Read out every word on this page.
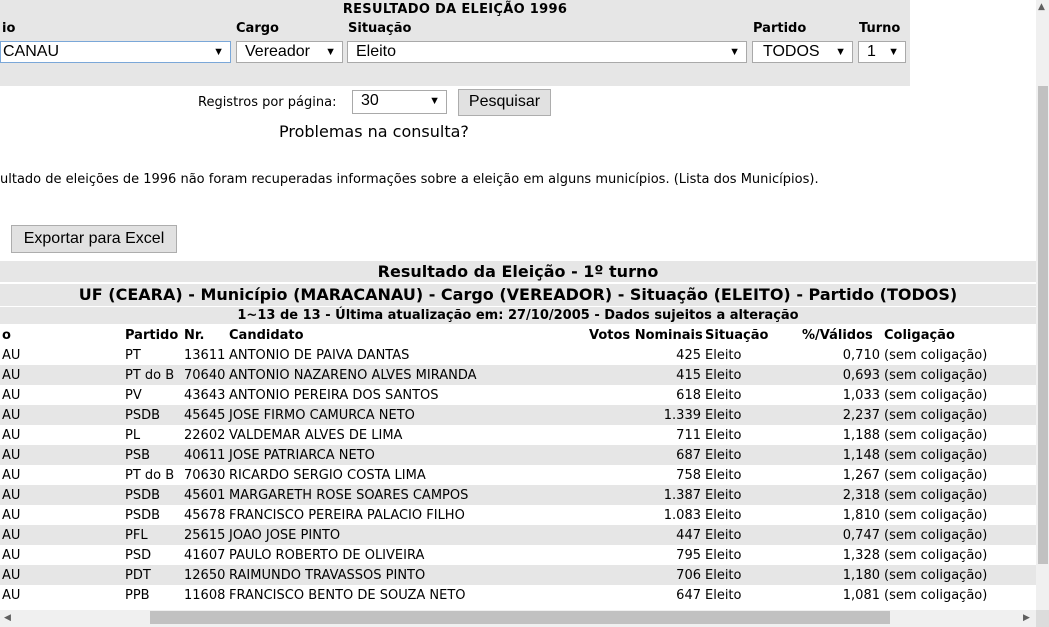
RESULTADO DA ELEIÇÃO 1996
io	Cargo	Situação	Partido	Turno
CANAU	▼	Vereador ▼	Eleito	▼	TODOS ▼	1 ▼
Registros por página:	30	▼	Pesquisar
Problemas na consulta?
ultado de eleições de 1996 não foram recuperadas informações sobre a eleição em alguns municípios. (Lista dos Municípios).
Exportar para Excel
Resultado da Eleição - 1º turno
UF (CEARA) - Município (MARACANAU) - Cargo (VEREADOR) - Situação (ELEITO) - Partido (TODOS)
1~13 de 13 - Última atualização em: 27/10/2005 - Dados sujeitos a alteração
o	Partido	Nr.	Candidato	Votos Nominais	Situação	%/Válidos	Coligação
AU	PT	13611	ANTONIO DE PAIVA DANTAS	425	Eleito	0,710	(sem coligação)
AU	PT do B	70640	ANTONIO NAZARENO ALVES MIRANDA	415	Eleito	0,693	(sem coligação)
AU	PV	43643	ANTONIO PEREIRA DOS SANTOS	618	Eleito	1,033	(sem coligação)
AU	PSDB	45645	JOSE FIRMO CAMURCA NETO	1.339	Eleito	2,237	(sem coligação)
AU	PL	22602	VALDEMAR ALVES DE LIMA	711	Eleito	1,188	(sem coligação)
AU	PSB	40611	JOSE PATRIARCA NETO	687	Eleito	1,148	(sem coligação)
AU	PT do B	70630	RICARDO SERGIO COSTA LIMA	758	Eleito	1,267	(sem coligação)
AU	PSDB	45601	MARGARETH ROSE SOARES CAMPOS	1.387	Eleito	2,318	(sem coligação)
AU	PSDB	45678	FRANCISCO PEREIRA PALACIO FILHO	1.083	Eleito	1,810	(sem coligação)
AU	PFL	25615	JOAO JOSE PINTO	447	Eleito	0,747	(sem coligação)
AU	PSD	41607	PAULO ROBERTO DE OLIVEIRA	795	Eleito	1,328	(sem coligação)
AU	PDT	12650	RAIMUNDO TRAVASSOS PINTO	706	Eleito	1,180	(sem coligação)
AU	PPB	11608	FRANCISCO BENTO DE SOUZA NETO	647	Eleito	1,081	(sem coligação)
▲
◀	▶
